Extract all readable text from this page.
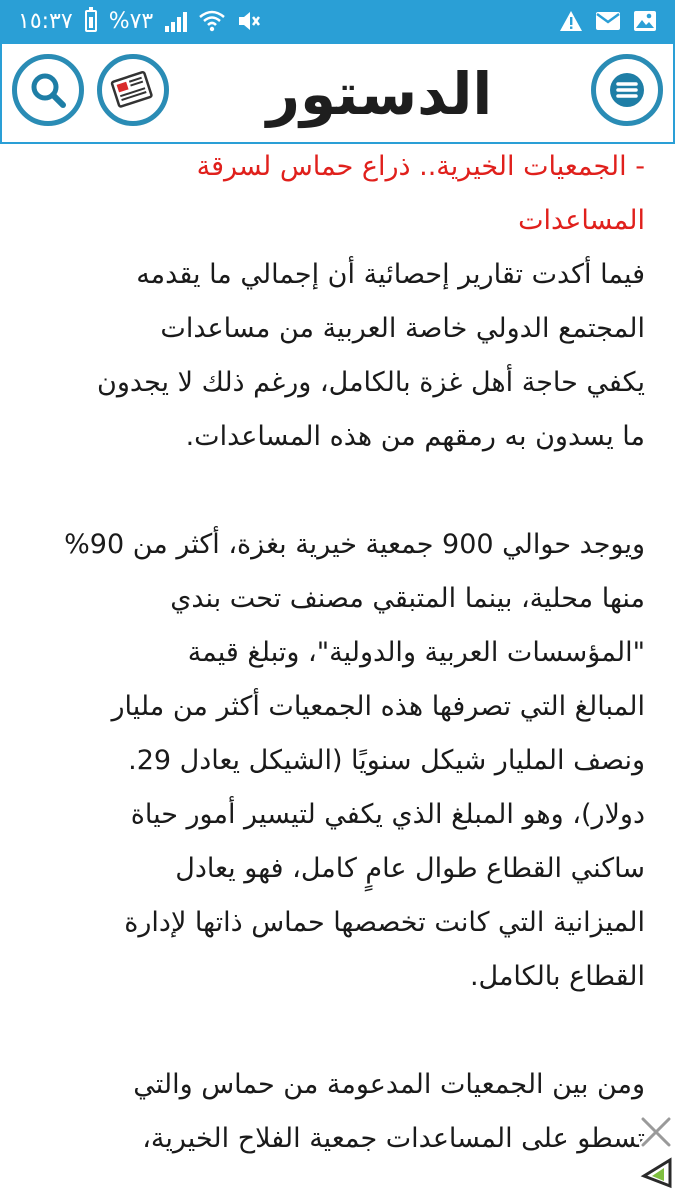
١٥:٣٧ %٧٣
الدستور

- الجمعيات الخيرية.. ذراع حماس لسرقة

المساعدات

فيما أكدت تقارير إحصائية أن إجمالي ما يقدمه

المجتمع الدولي خاصة العربية من مساعدات

يكفي حاجة أهل غزة بالكامل، ورغم ذلك لا يجدون

ما يسدون به رمقهم من هذه المساعدات.

ويوجد حوالي 900 جمعية خيرية بغزة، أكثر من 90%

منها محلية، بينما المتبقي مصنف تحت بندي

"المؤسسات العربية والدولية"، وتبلغ قيمة

المبالغ التي تصرفها هذه الجمعيات أكثر من مليار

ونصف المليار شيكل سنويًا (الشيكل يعادل 29.

دولار)، وهو المبلغ الذي يكفي لتيسير أمور حياة

ساكني القطاع طوال عامٍ كامل، فهو يعادل

الميزانية التي كانت تخصصها حماس ذاتها لإدارة

القطاع بالكامل.

ومن بين الجمعيات المدعومة من حماس والتي

تسطو على المساعدات جمعية الفلاح الخيرية،
